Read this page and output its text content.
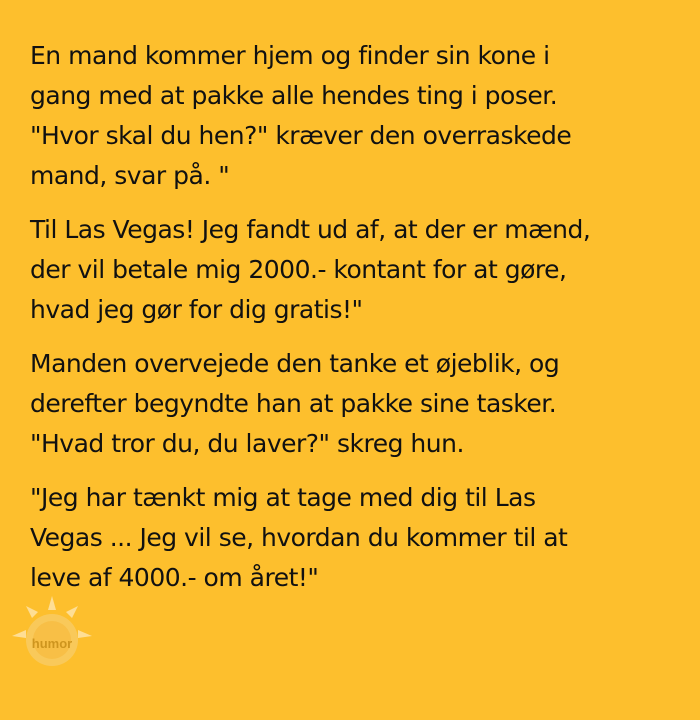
En mand kommer hjem og finder sin kone i
gang med at pakke alle hendes ting i poser.
"Hvor skal du hen?" kræver den overraskede
mand, svar på. "

Til Las Vegas! Jeg fandt ud af, at der er mænd,
der vil betale mig 2000.- kontant for at gøre,
hvad jeg gør for dig gratis!"

Manden overvejede den tanke et øjeblik, og
derefter begyndte han at pakke sine tasker.
"Hvad tror du, du laver?" skreg hun.

"Jeg har tænkt mig at tage med dig til Las
Vegas ... Jeg vil se, hvordan du kommer til at
leve af 4000.- om året!"

humor
